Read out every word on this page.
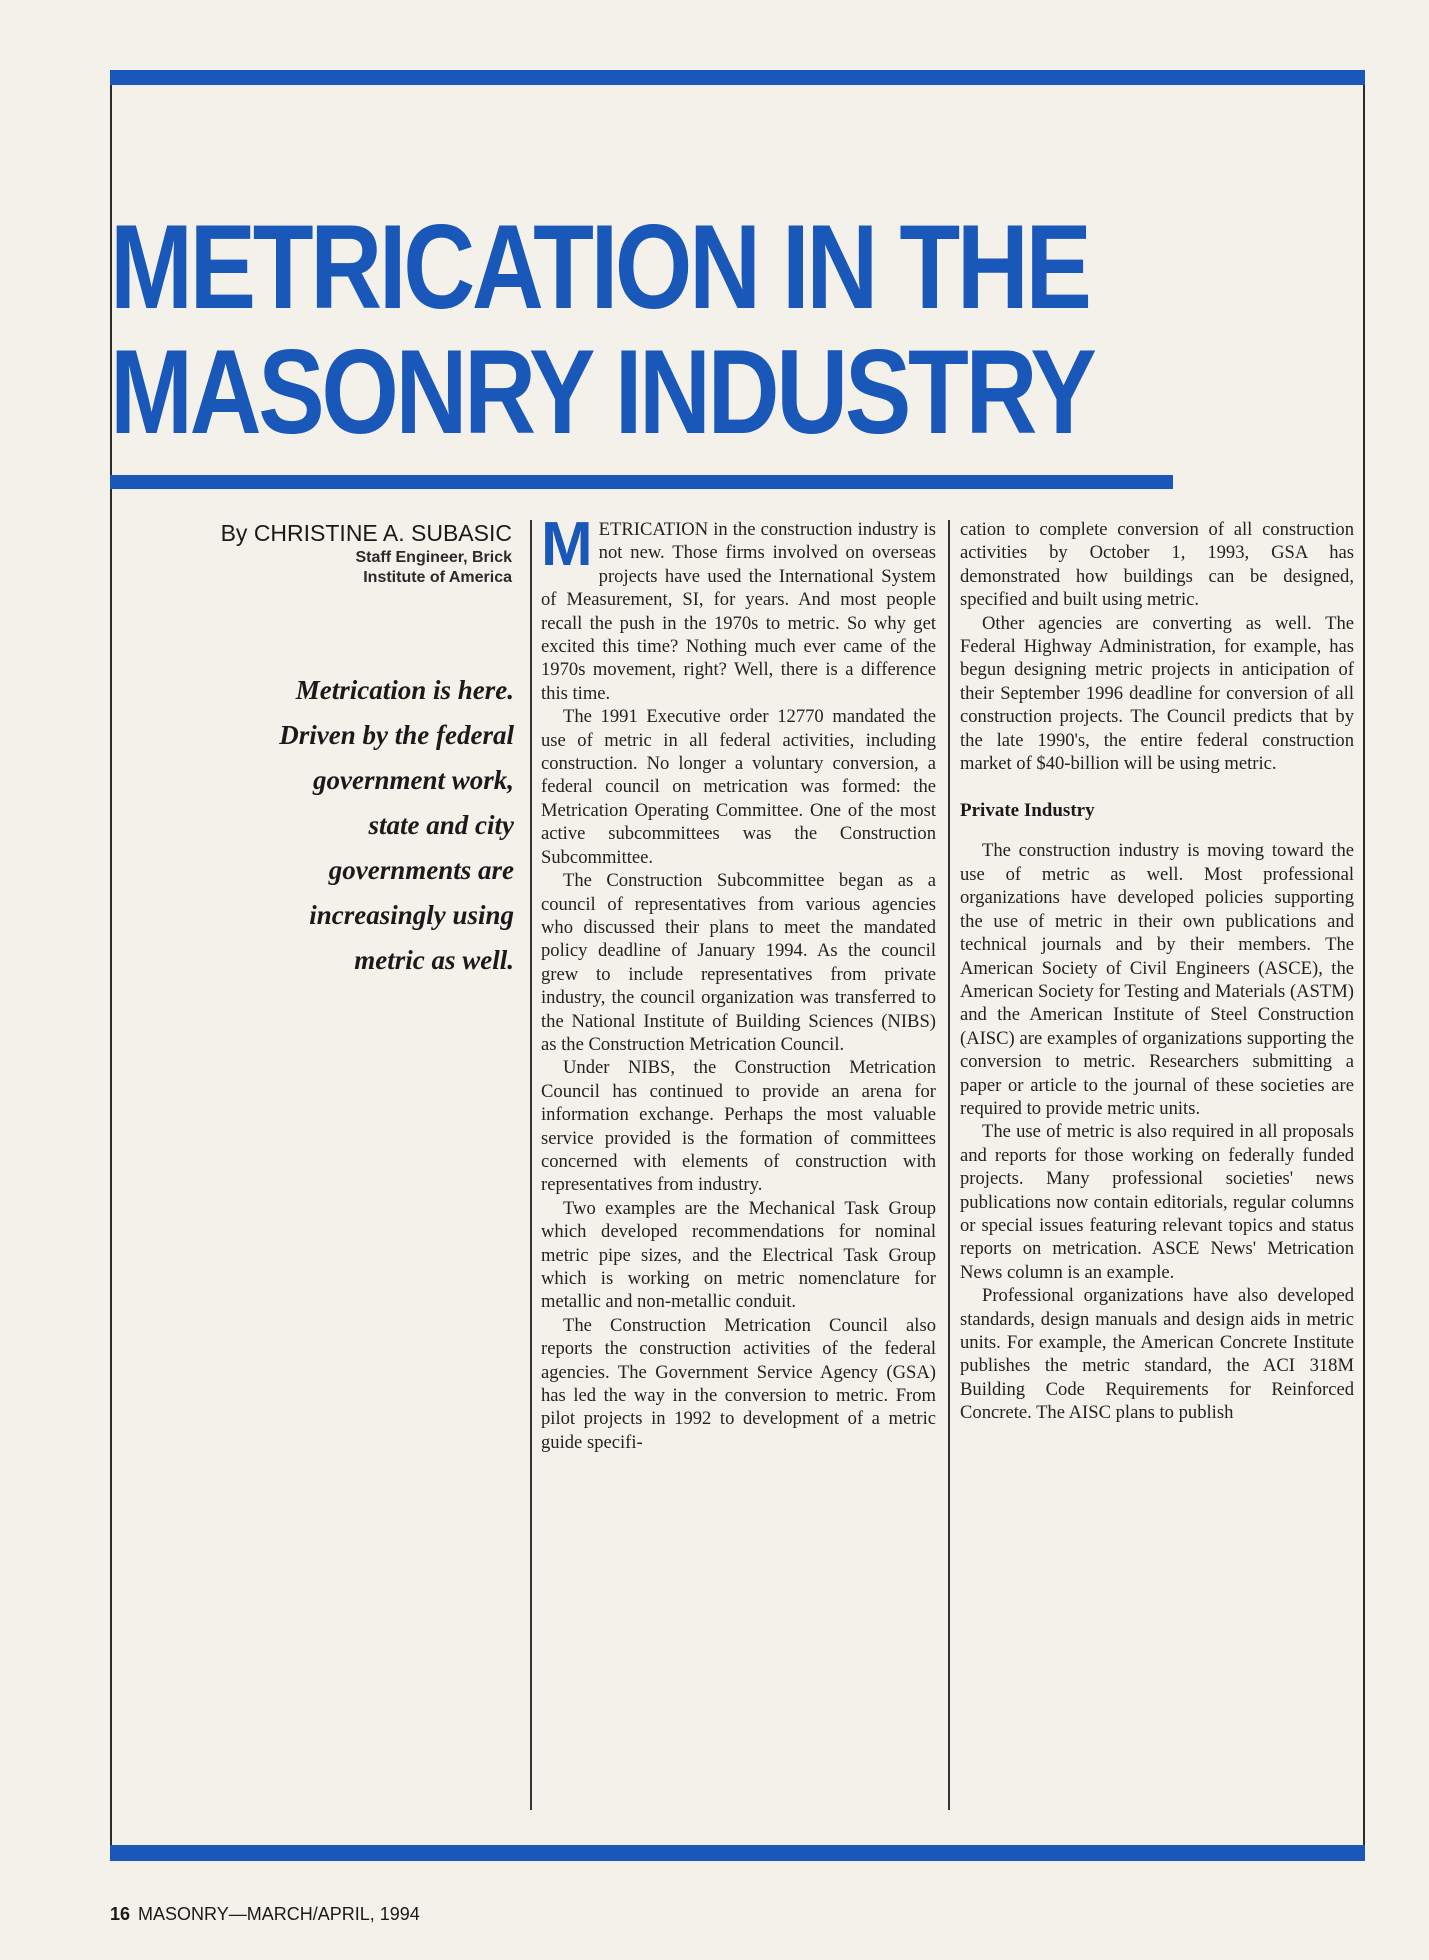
METRICATION IN THE
MASONRY INDUSTRY
By CHRISTINE A. SUBASIC
Staff Engineer, Brick
Institute of America
Metrication is here.
Driven by the federal
government work,
state and city
governments are
increasingly using
metric as well.

METRICATION in the construction industry is not new. Those firms involved on overseas projects have used the International System of Measurement, SI, for years. And most people recall the push in the 1970s to metric. So why get excited this time? Nothing much ever came of the 1970s movement, right? Well, there is a difference this time.

The 1991 Executive order 12770 mandated the use of metric in all federal activities, including construction. No longer a voluntary conversion, a federal council on metrication was formed: the Metrication Operating Committee. One of the most active subcommittees was the Construction Subcommittee.

The Construction Subcommittee began as a council of representatives from various agencies who discussed their plans to meet the mandated policy deadline of January 1994. As the council grew to include representatives from private industry, the council organization was transferred to the National Institute of Building Sciences (NIBS) as the Construction Metrication Council.

Under NIBS, the Construction Metrication Council has continued to provide an arena for information exchange. Perhaps the most valuable service provided is the formation of committees concerned with elements of construction with representatives from industry.

Two examples are the Mechanical Task Group which developed recommendations for nominal metric pipe sizes, and the Electrical Task Group which is working on metric nomenclature for metallic and non-metallic conduit.

The Construction Metrication Council also reports the construction activities of the federal agencies. The Government Service Agency (GSA) has led the way in the conversion to metric. From pilot projects in 1992 to development of a metric guide specifi-

cation to complete conversion of all construction activities by October 1, 1993, GSA has demonstrated how buildings can be designed, specified and built using metric.

Other agencies are converting as well. The Federal Highway Administration, for example, has begun designing metric projects in anticipation of their September 1996 deadline for conversion of all construction projects. The Council predicts that by the late 1990's, the entire federal construction market of $40-billion will be using metric.

Private Industry

The construction industry is moving toward the use of metric as well. Most professional organizations have developed policies supporting the use of metric in their own publications and technical journals and by their members. The American Society of Civil Engineers (ASCE), the American Society for Testing and Materials (ASTM) and the American Institute of Steel Construction (AISC) are examples of organizations supporting the conversion to metric. Researchers submitting a paper or article to the journal of these societies are required to provide metric units.

The use of metric is also required in all proposals and reports for those working on federally funded projects. Many professional societies' news publications now contain editorials, regular columns or special issues featuring relevant topics and status reports on metrication. ASCE News' Metrication News column is an example.

Professional organizations have also developed standards, design manuals and design aids in metric units. For example, the American Concrete Institute publishes the metric standard, the ACI 318M Building Code Requirements for Reinforced Concrete. The AISC plans to publish

16 MASONRY—MARCH/APRIL, 1994
